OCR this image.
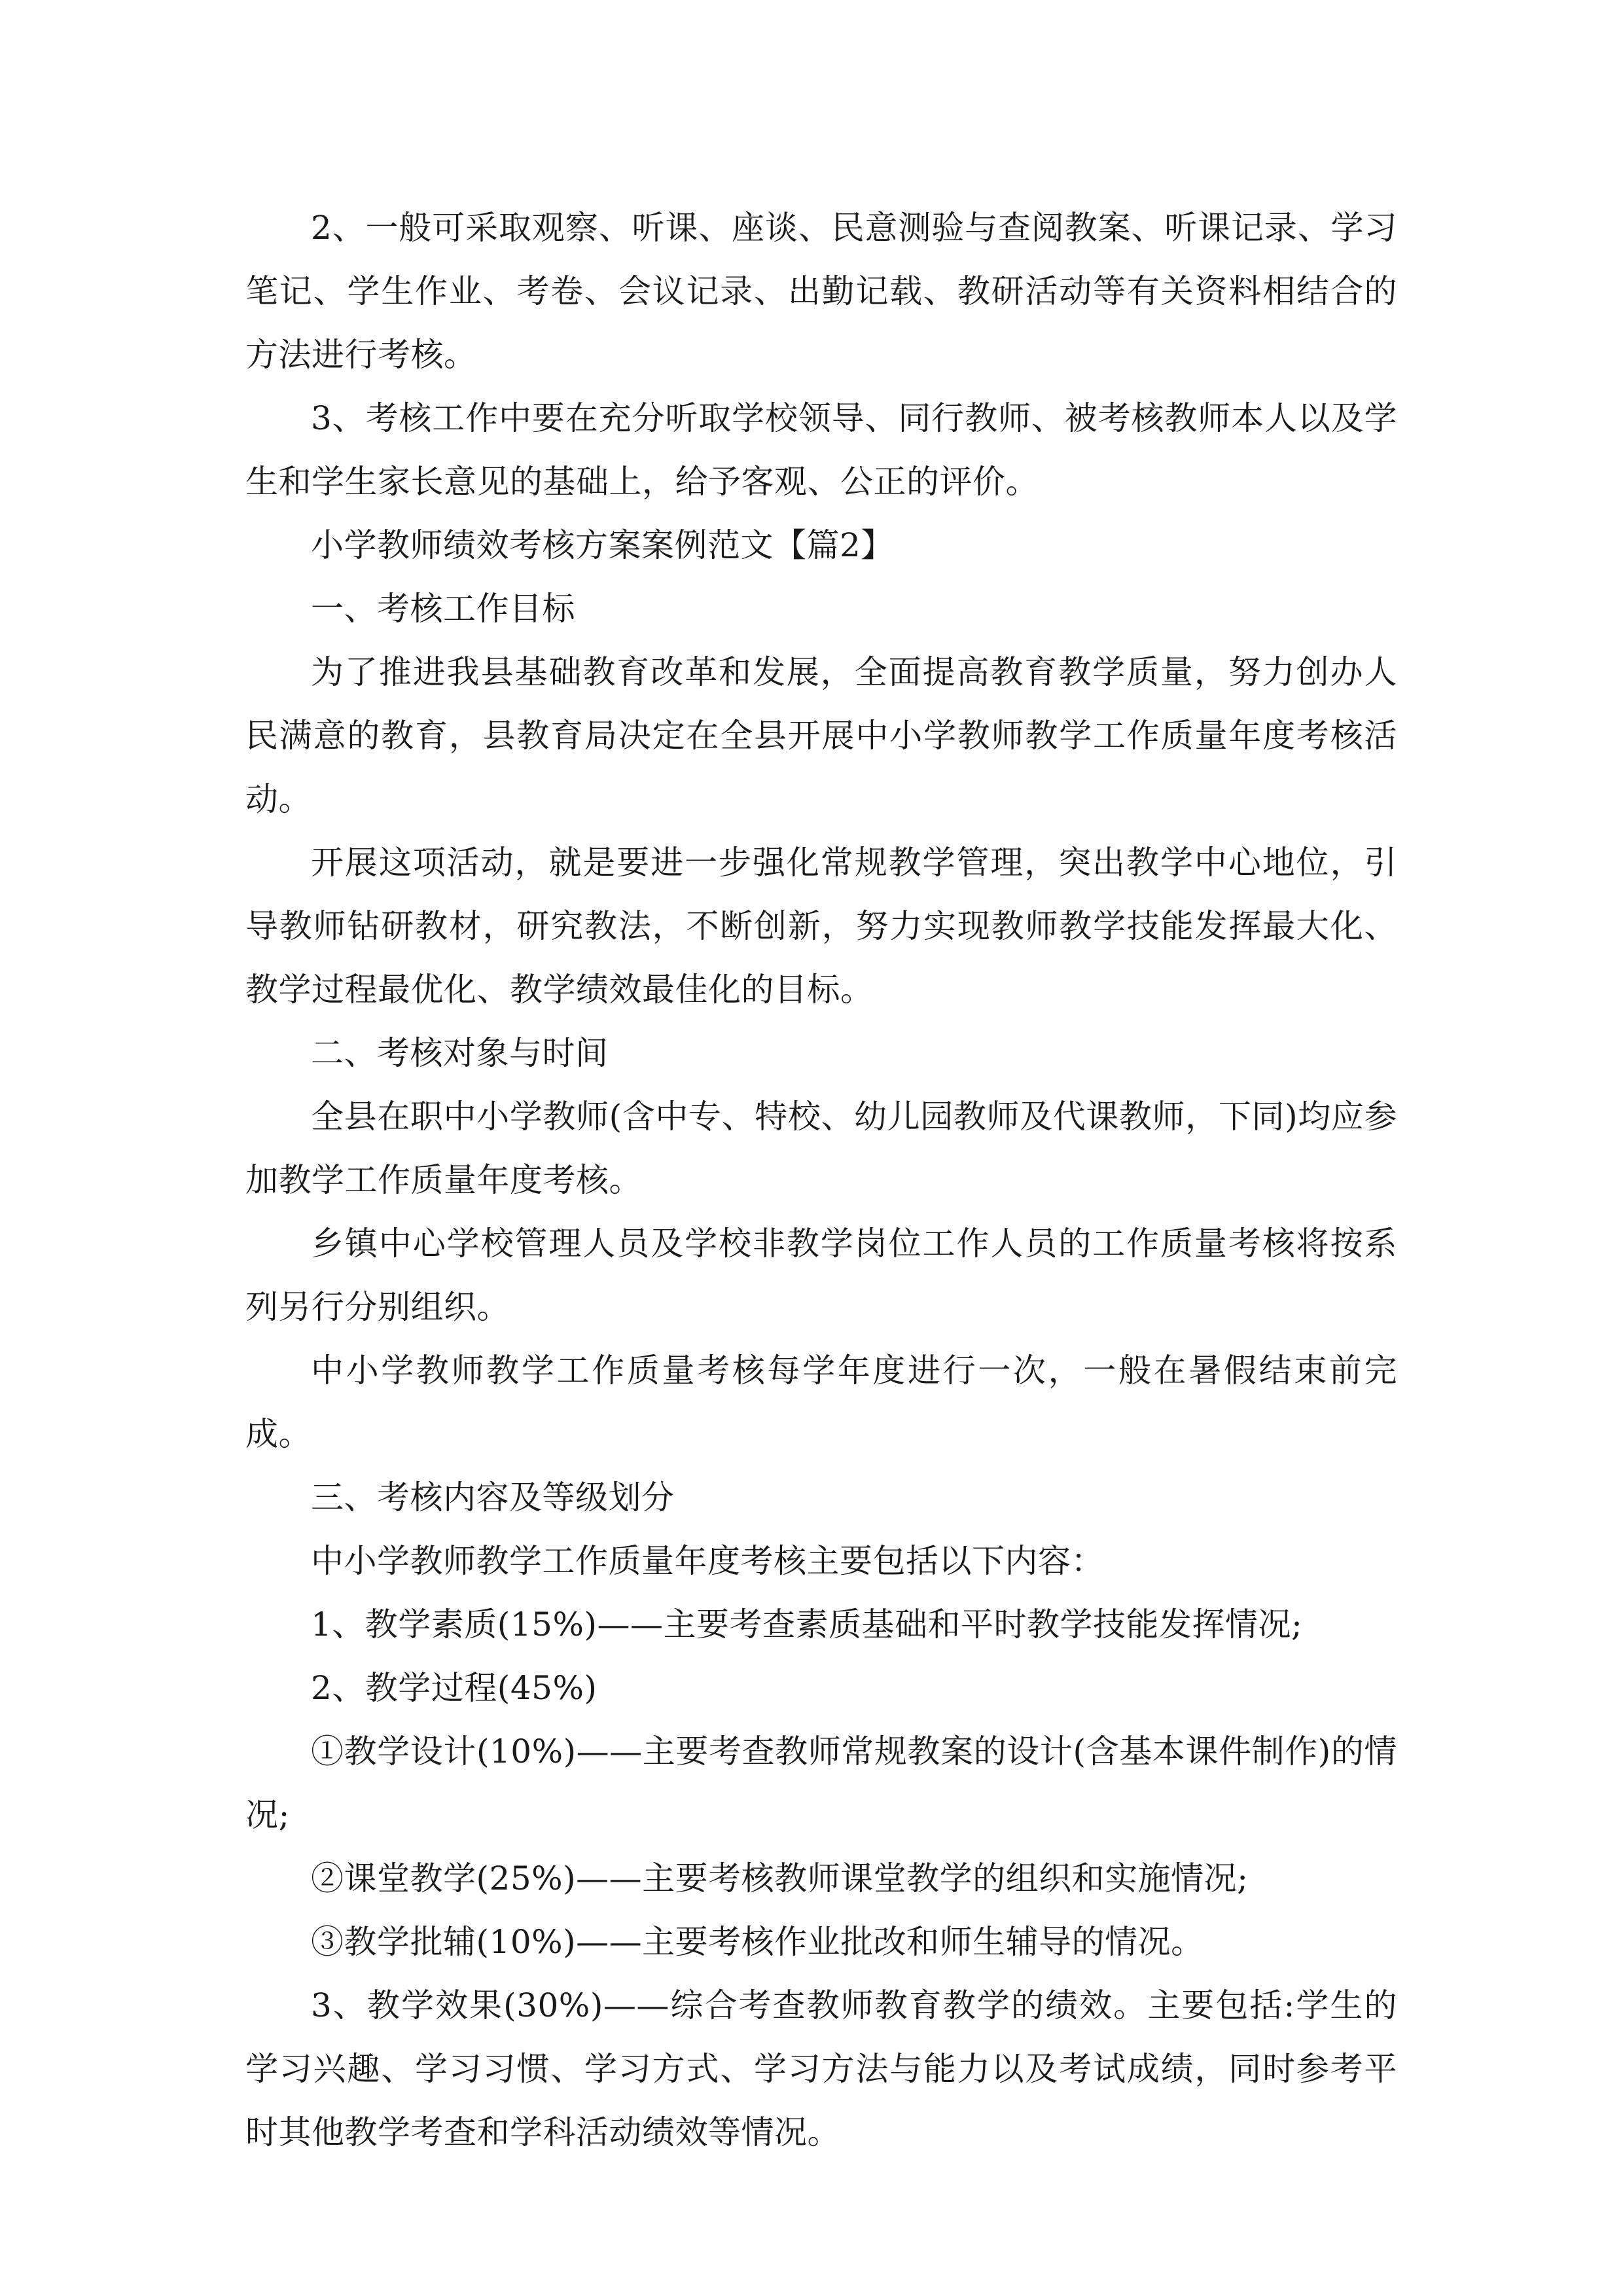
2、一般可采取观察、听课、座谈、民意测验与查阅教案、听课记录、学习笔记、学生作业、考卷、会议记录、出勤记载、教研活动等有关资料相结合的方法进行考核。

3、考核工作中要在充分听取学校领导、同行教师、被考核教师本人以及学生和学生家长意见的基础上，给予客观、公正的评价。

小学教师绩效考核方案案例范文【篇2】

一、考核工作目标

为了推进我县基础教育改革和发展，全面提高教育教学质量，努力创办人民满意的教育，县教育局决定在全县开展中小学教师教学工作质量年度考核活动。

开展这项活动，就是要进一步强化常规教学管理，突出教学中心地位，引导教师钻研教材，研究教法，不断创新，努力实现教师教学技能发挥最大化、教学过程最优化、教学绩效最佳化的目标。

二、考核对象与时间

全县在职中小学教师(含中专、特校、幼儿园教师及代课教师，下同)均应参加教学工作质量年度考核。

乡镇中心学校管理人员及学校非教学岗位工作人员的工作质量考核将按系列另行分别组织。

中小学教师教学工作质量考核每学年度进行一次，一般在暑假结束前完成。

三、考核内容及等级划分

中小学教师教学工作质量年度考核主要包括以下内容：

1、教学素质(15%)——主要考查素质基础和平时教学技能发挥情况;

2、教学过程(45%)

①教学设计(10%)——主要考查教师常规教案的设计(含基本课件制作)的情况;

②课堂教学(25%)——主要考核教师课堂教学的组织和实施情况;

③教学批辅(10%)——主要考核作业批改和师生辅导的情况。

3、教学效果(30%)——综合考查教师教育教学的绩效。主要包括:学生的学习兴趣、学习习惯、学习方式、学习方法与能力以及考试成绩，同时参考平时其他教学考查和学科活动绩效等情况。
